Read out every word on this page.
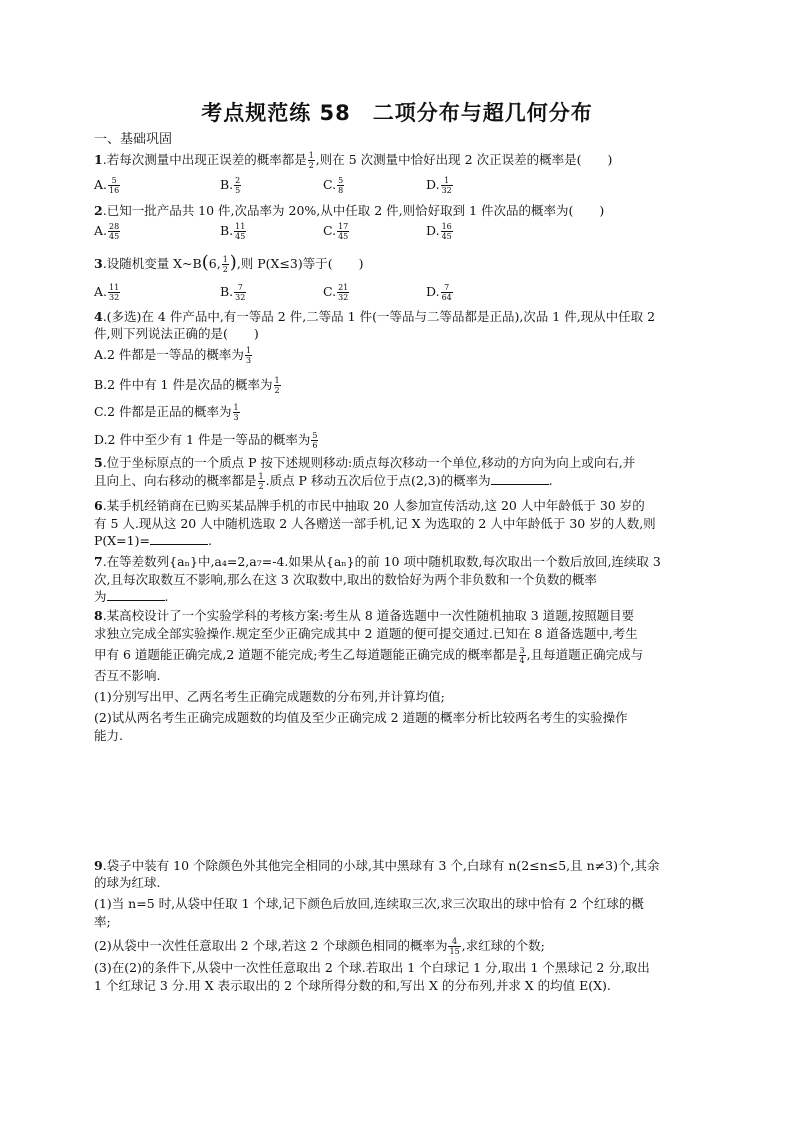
考点规范练 58　二项分布与超几何分布
一、基础巩固
1.若每次测量中出现正误差的概率都是 $\frac{1}{2}$ ,则在 5 次测量中恰好出现 2 次正误差的概率是( )
A. $\frac{5}{16}$	B. $\frac{2}{5}$	C. $\frac{5}{8}$	D. $\frac{1}{32}$
2.已知一批产品共 10 件,次品率为 20%,从中任取 2 件,则恰好取到 1 件次品的概率为( )
A. $\frac{28}{45}$	B. $\frac{11}{45}$	C. $\frac{17}{45}$	D. $\frac{16}{45}$
3.设随机变量 X~B(6, $\frac{1}{2}$ ),则 P(X≤3)等于( )
A. $\frac{11}{32}$	B. $\frac{7}{32}$	C. $\frac{21}{32}$	D. $\frac{7}{64}$
4.(多选)在 4 件产品中,有一等品 2 件,二等品 1 件(一等品与二等品都是正品),次品 1 件,现从中任取 2
件,则下列说法正确的是( )
A.2 件都是一等品的概率为 $\frac{1}{3}$
B.2 件中有 1 件是次品的概率为 $\frac{1}{2}$
C.2 件都是正品的概率为 $\frac{1}{3}$
D.2 件中至少有 1 件是一等品的概率为 $\frac{5}{6}$
5.位于坐标原点的一个质点 P 按下述规则移动:质点每次移动一个单位,移动的方向为向上或向右,并
且向上、向右移动的概率都是 $\frac{1}{2}$ .质点 P 移动五次后位于点(2,3)的概率为	.
6.某手机经销商在已购买某品牌手机的市民中抽取 20 人参加宣传活动,这 20 人中年龄低于 30 岁的
有 5 人.现从这 20 人中随机选取 2 人各赠送一部手机,记 X 为选取的 2 人中年龄低于 30 岁的人数,则
P(X=1)=	.
7.在等差数列{aₙ}中,a₄=2,a₇=-4.如果从{aₙ}的前 10 项中随机取数,每次取出一个数后放回,连续取 3
次,且每次取数互不影响,那么在这 3 次取数中,取出的数恰好为两个非负数和一个负数的概率
为	.
8.某高校设计了一个实验学科的考核方案:考生从 8 道备选题中一次性随机抽取 3 道题,按照题目要
求独立完成全部实验操作.规定至少正确完成其中 2 道题的便可提交通过.已知在 8 道备选题中,考生
甲有 6 道题能正确完成,2 道题不能完成;考生乙每道题能正确完成的概率都是 $\frac{3}{4}$ ,且每道题正确完成与
否互不影响.
(1)分别写出甲、乙两名考生正确完成题数的分布列,并计算均值;
(2)试从两名考生正确完成题数的均值及至少正确完成 2 道题的概率分析比较两名考生的实验操作
能力.
9.袋子中装有 10 个除颜色外其他完全相同的小球,其中黑球有 3 个,白球有 n(2≤n≤5,且 n≠3)个,其余
的球为红球.
(1)当 n=5 时,从袋中任取 1 个球,记下颜色后放回,连续取三次,求三次取出的球中恰有 2 个红球的概
率;
(2)从袋中一次性任意取出 2 个球,若这 2 个球颜色相同的概率为 $\frac{4}{15}$ ,求红球的个数;
(3)在(2)的条件下,从袋中一次性任意取出 2 个球.若取出 1 个白球记 1 分,取出 1 个黑球记 2 分,取出
1 个红球记 3 分.用 X 表示取出的 2 个球所得分数的和,写出 X 的分布列,并求 X 的均值 E(X).
